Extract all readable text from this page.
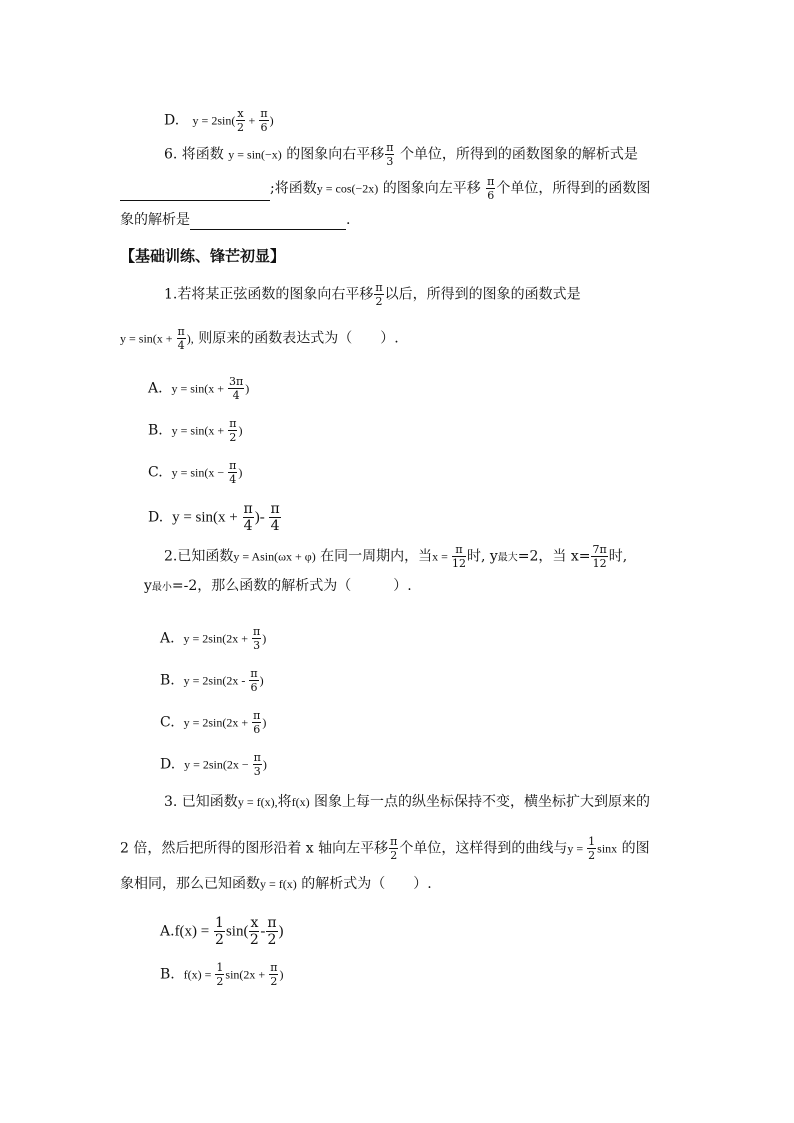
D. $y = 2\sin( \frac{x}{2} + \frac{\pi}{6}$ )
6. 将函数 y = sin(−x) 的图象向右平移 $\frac{\pi}{3}$ 个单位，所得到的函数图象的解析式是
;将函数y = cos(−2x) 的图象向左平移 $\frac{\pi}{6}$ 个单位，所得到的函数图
象的解析是	.
【基础训练、锋芒初显】
1.若将某正弦函数的图象向右平移 $\frac{\pi}{2}$ 以后，所得到的图象的函数式是
$y = \sin(x + \frac{\pi}{4}$ ), 则原来的函数表达式为（　　）.
A. $y = \sin(x + \frac{3\pi}{4}$ )
B. $y = \sin(x + \frac{\pi}{2}$ )
C. $y = \sin(x - \frac{\pi}{4}$ )
D. $y = \sin(x + \frac{\pi}{4}$ )- $\frac{\pi}{4}$
2.已知函数y = Asin(ωx + φ) 在同一周期内，当$x = \frac{\pi}{12}$ 时, y最大=2，当 $x= \frac{7\pi}{12}$ 时,
y最小=-2，那么函数的解析式为（　　　）.
A. $y = 2\sin(2x + \frac{\pi}{3}$ )
B. $y = 2\sin(2x - \frac{\pi}{6}$ )
C. $y = 2\sin(2x + \frac{\pi}{6}$ )
D. $y = 2\sin(2x - \frac{\pi}{3}$ )
3. 已知函数y = f(x),将f(x) 图象上每一点的纵坐标保持不变，横坐标扩大到原来的
2 倍，然后把所得的图形沿着 x 轴向左平移 $\frac{\pi}{2}$ 个单位，这样得到的曲线与$y = \frac{1}{2}$ sinx 的图
象相同，那么已知函数y = f(x) 的解析式为（　　）.
$A.f(x) = \frac{1}{2} \sin( \frac{x}{2} - \frac{\pi}{2}$ )
B. $f(x) = \frac{1}{2} \sin(2x + \frac{\pi}{2}$ )
